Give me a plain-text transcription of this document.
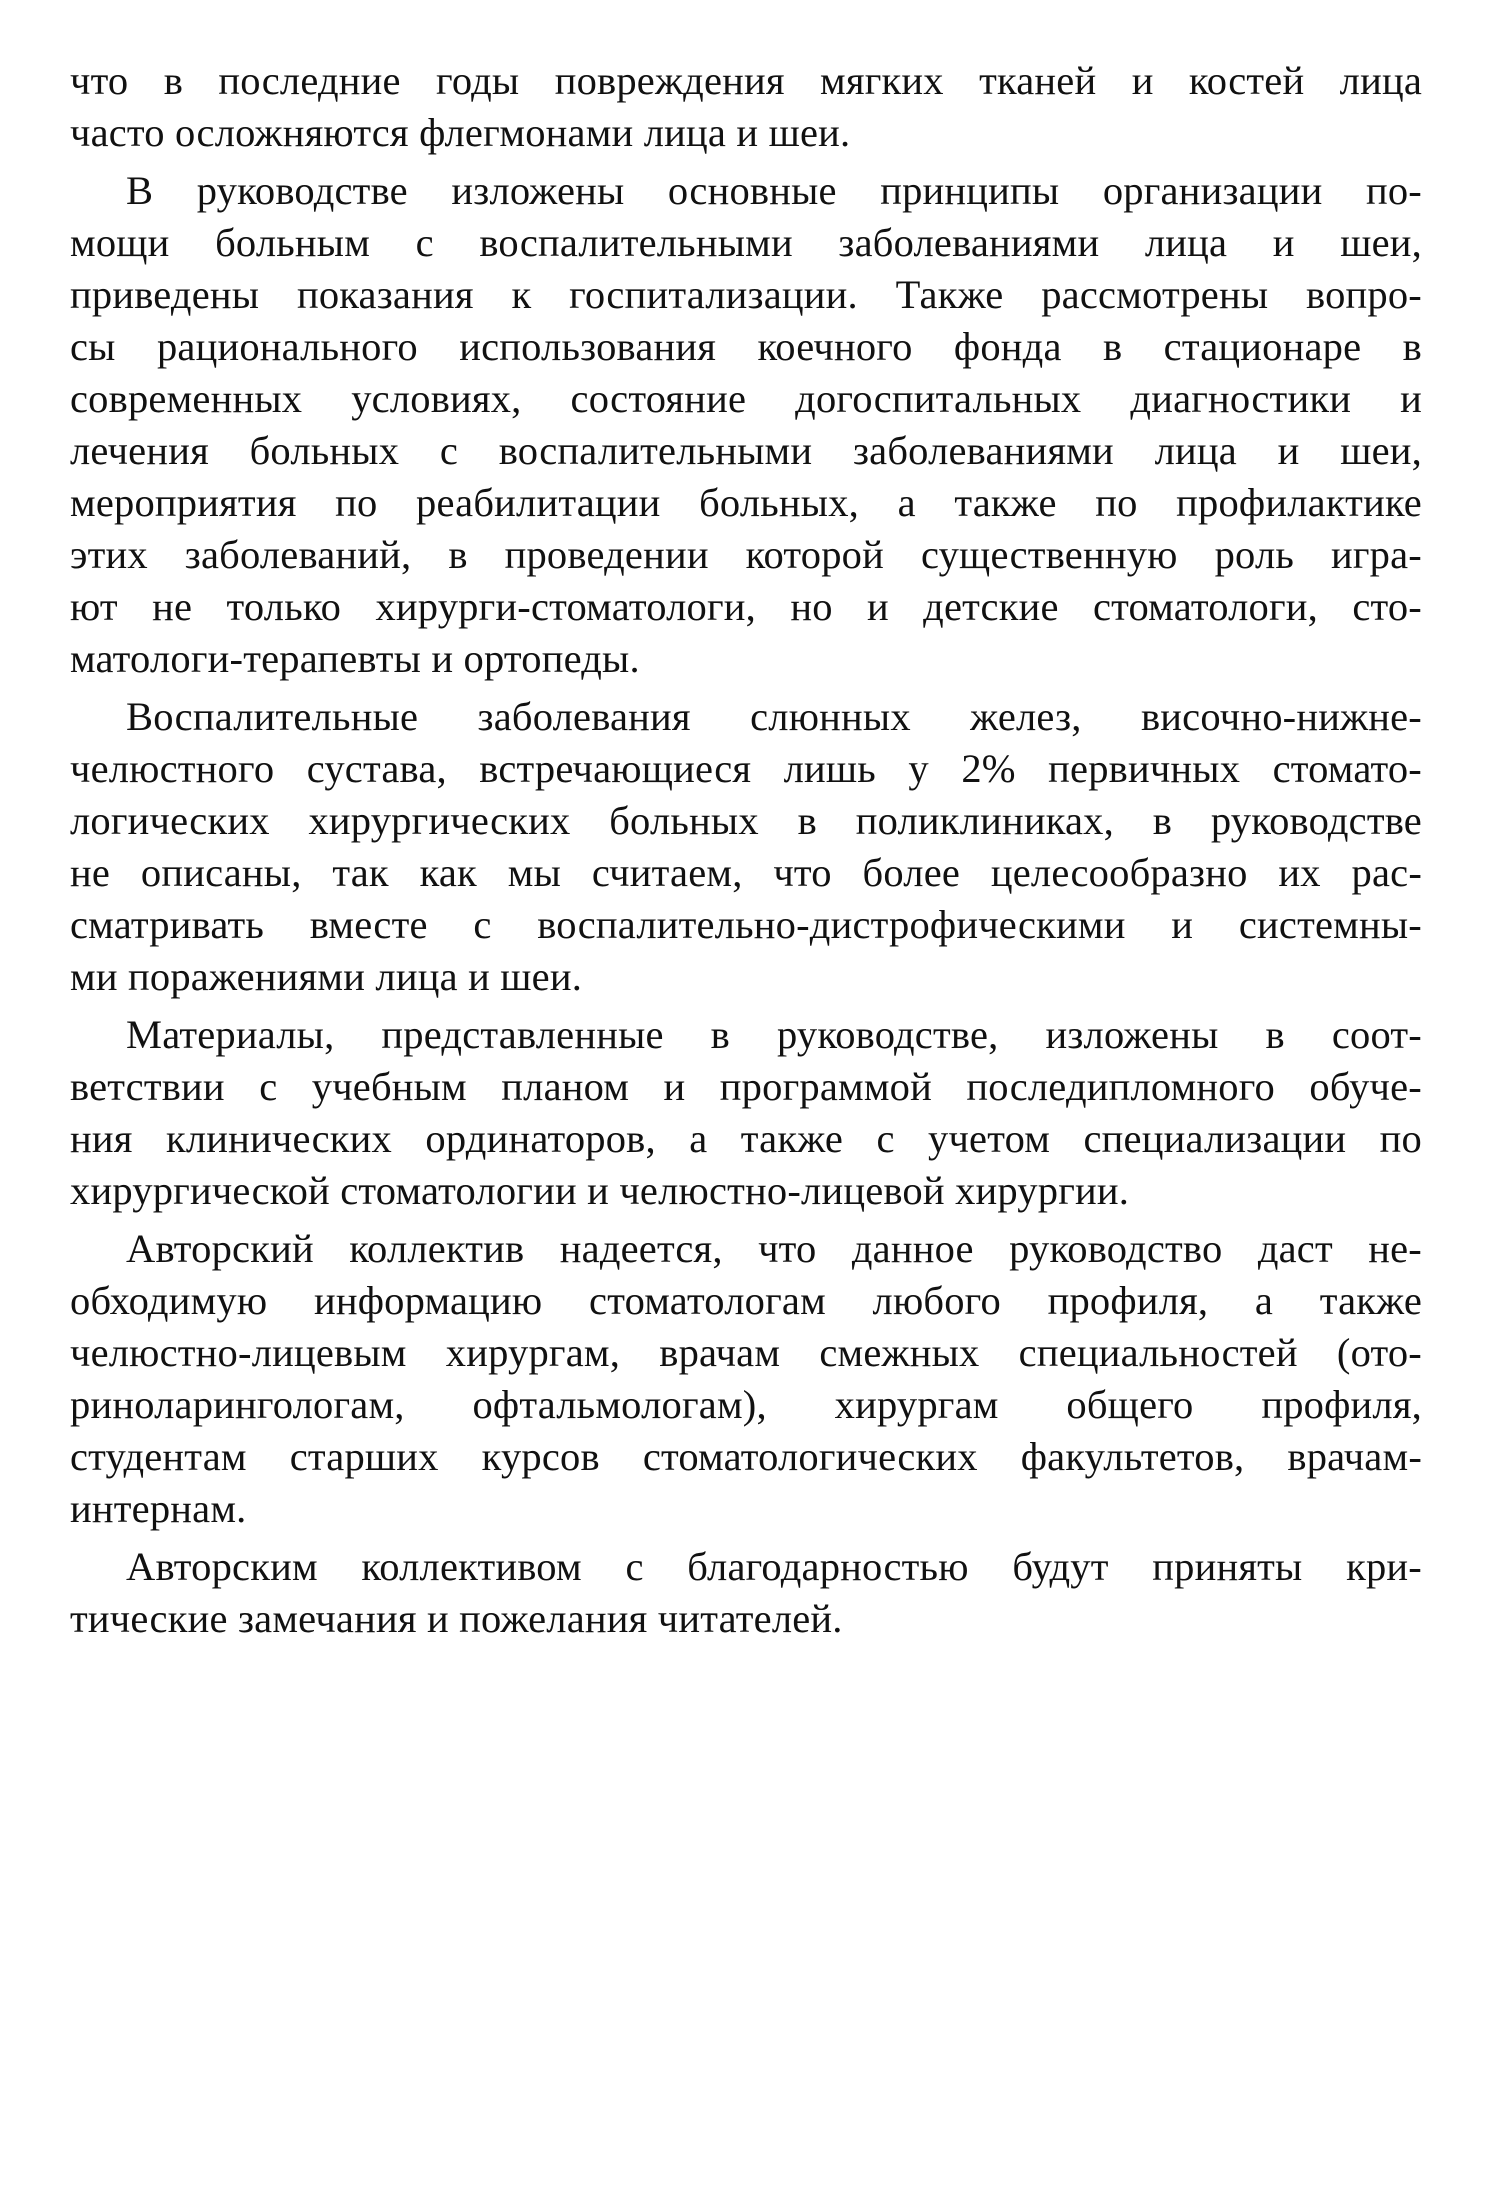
что в последние годы повреждения мягких тканей и костей лица
часто осложняются флегмонами лица и шеи.

В руководстве изложены основные принципы организации по-
мощи больным с воспалительными заболеваниями лица и шеи,
приведены показания к госпитализации. Также рассмотрены вопро-
сы рационального использования коечного фонда в стационаре в
современных условиях, состояние догоспитальных диагностики и
лечения больных с воспалительными заболеваниями лица и шеи,
мероприятия по реабилитации больных, а также по профилактике
этих заболеваний, в проведении которой существенную роль игра-
ют не только хирурги-стоматологи, но и детские стоматологи, сто-
матологи-терапевты и ортопеды.

Воспалительные заболевания слюнных желез, височно-нижне-
челюстного сустава, встречающиеся лишь у 2% первичных стомато-
логических хирургических больных в поликлиниках, в руководстве
не описаны, так как мы считаем, что более целесообразно их рас-
сматривать вместе с воспалительно-дистрофическими и системны-
ми поражениями лица и шеи.

Материалы, представленные в руководстве, изложены в соот-
ветствии с учебным планом и программой последипломного обуче-
ния клинических ординаторов, а также с учетом специализации по
хирургической стоматологии и челюстно-лицевой хирургии.

Авторский коллектив надеется, что данное руководство даст не-
обходимую информацию стоматологам любого профиля, а также
челюстно-лицевым хирургам, врачам смежных специальностей (ото-
риноларингологам, офтальмологам), хирургам общего профиля,
студентам старших курсов стоматологических факультетов, врачам-
интернам.

Авторским коллективом с благодарностью будут приняты кри-
тические замечания и пожелания читателей.
